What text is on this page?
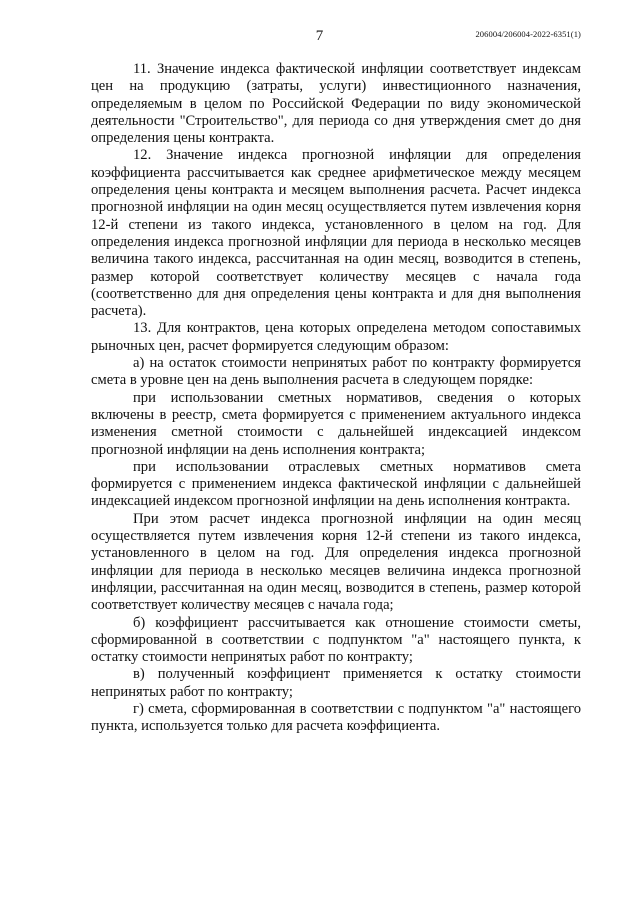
7	206004/206004-2022-6351(1)

11. Значение индекса фактической инфляции соответствует индексам цен на продукцию (затраты, услуги) инвестиционного назначения, определяемым в целом по Российской Федерации по виду экономической деятельности "Строительство", для периода со дня утверждения смет до дня определения цены контракта.

12. Значение индекса прогнозной инфляции для определения коэффициента рассчитывается как среднее арифметическое между месяцем определения цены контракта и месяцем выполнения расчета. Расчет индекса прогнозной инфляции на один месяц осуществляется путем извлечения корня 12-й степени из такого индекса, установленного в целом на год. Для определения индекса прогнозной инфляции для периода в несколько месяцев величина такого индекса, рассчитанная на один месяц, возводится в степень, размер которой соответствует количеству месяцев с начала года (соответственно для дня определения цены контракта и для дня выполнения расчета).

13. Для контрактов, цена которых определена методом сопоставимых рыночных цен, расчет формируется следующим образом:

а) на остаток стоимости непринятых работ по контракту формируется смета в уровне цен на день выполнения расчета в следующем порядке:

при использовании сметных нормативов, сведения о которых включены в реестр, смета формируется с применением актуального индекса изменения сметной стоимости с дальнейшей индексацией индексом прогнозной инфляции на день исполнения контракта;

при использовании отраслевых сметных нормативов смета формируется с применением индекса фактической инфляции с дальнейшей индексацией индексом прогнозной инфляции на день исполнения контракта.

При этом расчет индекса прогнозной инфляции на один месяц осуществляется путем извлечения корня 12-й степени из такого индекса, установленного в целом на год. Для определения индекса прогнозной инфляции для периода в несколько месяцев величина индекса прогнозной инфляции, рассчитанная на один месяц, возводится в степень, размер которой соответствует количеству месяцев с начала года;

б) коэффициент рассчитывается как отношение стоимости сметы, сформированной в соответствии с подпунктом "а" настоящего пункта, к остатку стоимости непринятых работ по контракту;

в) полученный коэффициент применяется к остатку стоимости непринятых работ по контракту;

г) смета, сформированная в соответствии с подпунктом "а" настоящего пункта, используется только для расчета коэффициента.
